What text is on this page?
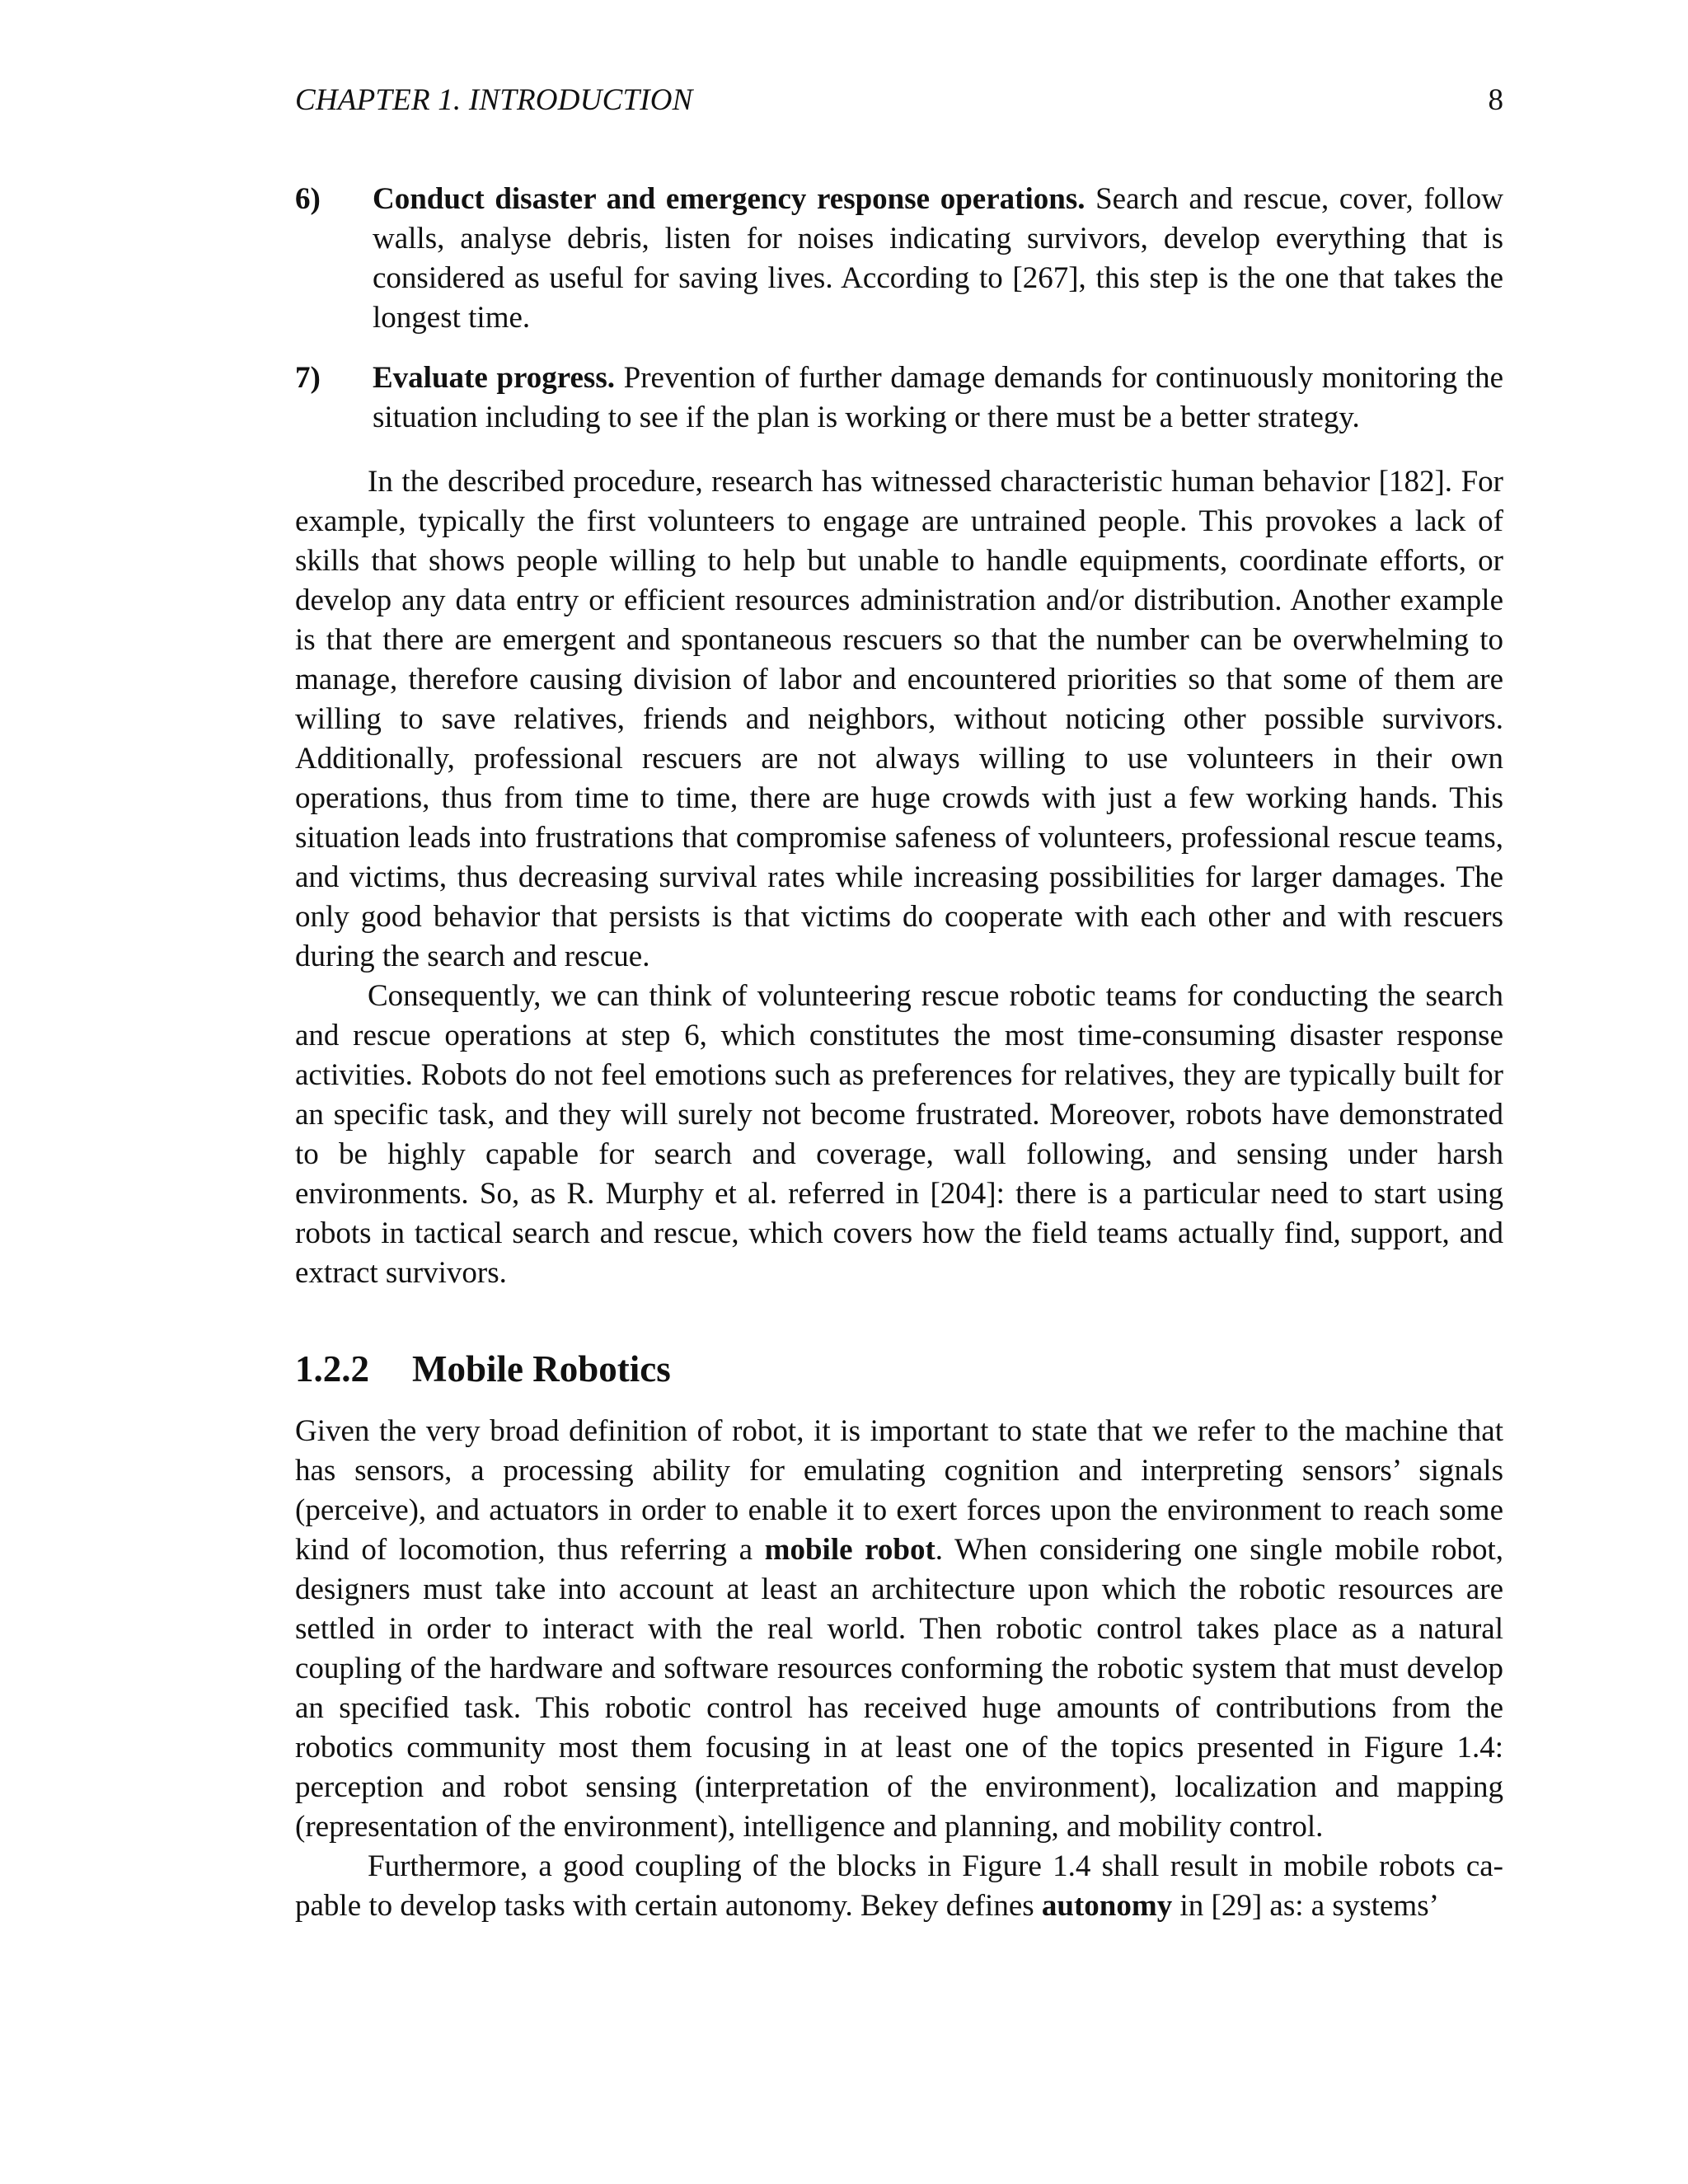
CHAPTER 1. INTRODUCTION	8
6) Conduct disaster and emergency response operations. Search and rescue, cover, follow walls, analyse debris, listen for noises indicating survivors, develop everything that is considered as useful for saving lives. According to [267], this step is the one that takes the longest time.
7) Evaluate progress. Prevention of further damage demands for continuously monitoring the situation including to see if the plan is working or there must be a better strategy.

In the described procedure, research has witnessed characteristic human behavior [182]. For example, typically the first volunteers to engage are untrained people. This provokes a lack of skills that shows people willing to help but unable to handle equipments, coordinate efforts, or develop any data entry or efficient resources administration and/or distribution. Another example is that there are emergent and spontaneous rescuers so that the number can be overwhelming to manage, therefore causing division of labor and encountered priorities so that some of them are willing to save relatives, friends and neighbors, without noticing other possible survivors. Additionally, professional rescuers are not always willing to use volunteers in their own operations, thus from time to time, there are huge crowds with just a few working hands. This situation leads into frustrations that compromise safeness of volunteers, professional rescue teams, and victims, thus decreasing survival rates while increasing possibilities for larger damages. The only good behavior that persists is that victims do cooperate with each other and with rescuers during the search and rescue.

Consequently, we can think of volunteering rescue robotic teams for conducting the search and rescue operations at step 6, which constitutes the most time-consuming disaster response activities. Robots do not feel emotions such as preferences for relatives, they are typically built for an specific task, and they will surely not become frustrated. Moreover, robots have demonstrated to be highly capable for search and coverage, wall following, and sensing under harsh environments. So, as R. Murphy et al. referred in [204]: there is a particular need to start using robots in tactical search and rescue, which covers how the field teams actually find, support, and extract survivors.

1.2.2 Mobile Robotics

Given the very broad definition of robot, it is important to state that we refer to the machine that has sensors, a processing ability for emulating cognition and interpreting sensors’ signals (perceive), and actuators in order to enable it to exert forces upon the environment to reach some kind of locomotion, thus referring a mobile robot. When considering one single mobile robot, designers must take into account at least an architecture upon which the robotic resources are settled in order to interact with the real world. Then robotic control takes place as a natural coupling of the hardware and software resources conforming the robotic system that must develop an specified task. This robotic control has received huge amounts of contributions from the robotics community most them focusing in at least one of the topics presented in Figure 1.4: perception and robot sensing (interpretation of the environment), localization and mapping (representation of the environment), intelligence and planning, and mobility control.

Furthermore, a good coupling of the blocks in Figure 1.4 shall result in mobile robots capable to develop tasks with certain autonomy. Bekey defines autonomy in [29] as: a systems’
